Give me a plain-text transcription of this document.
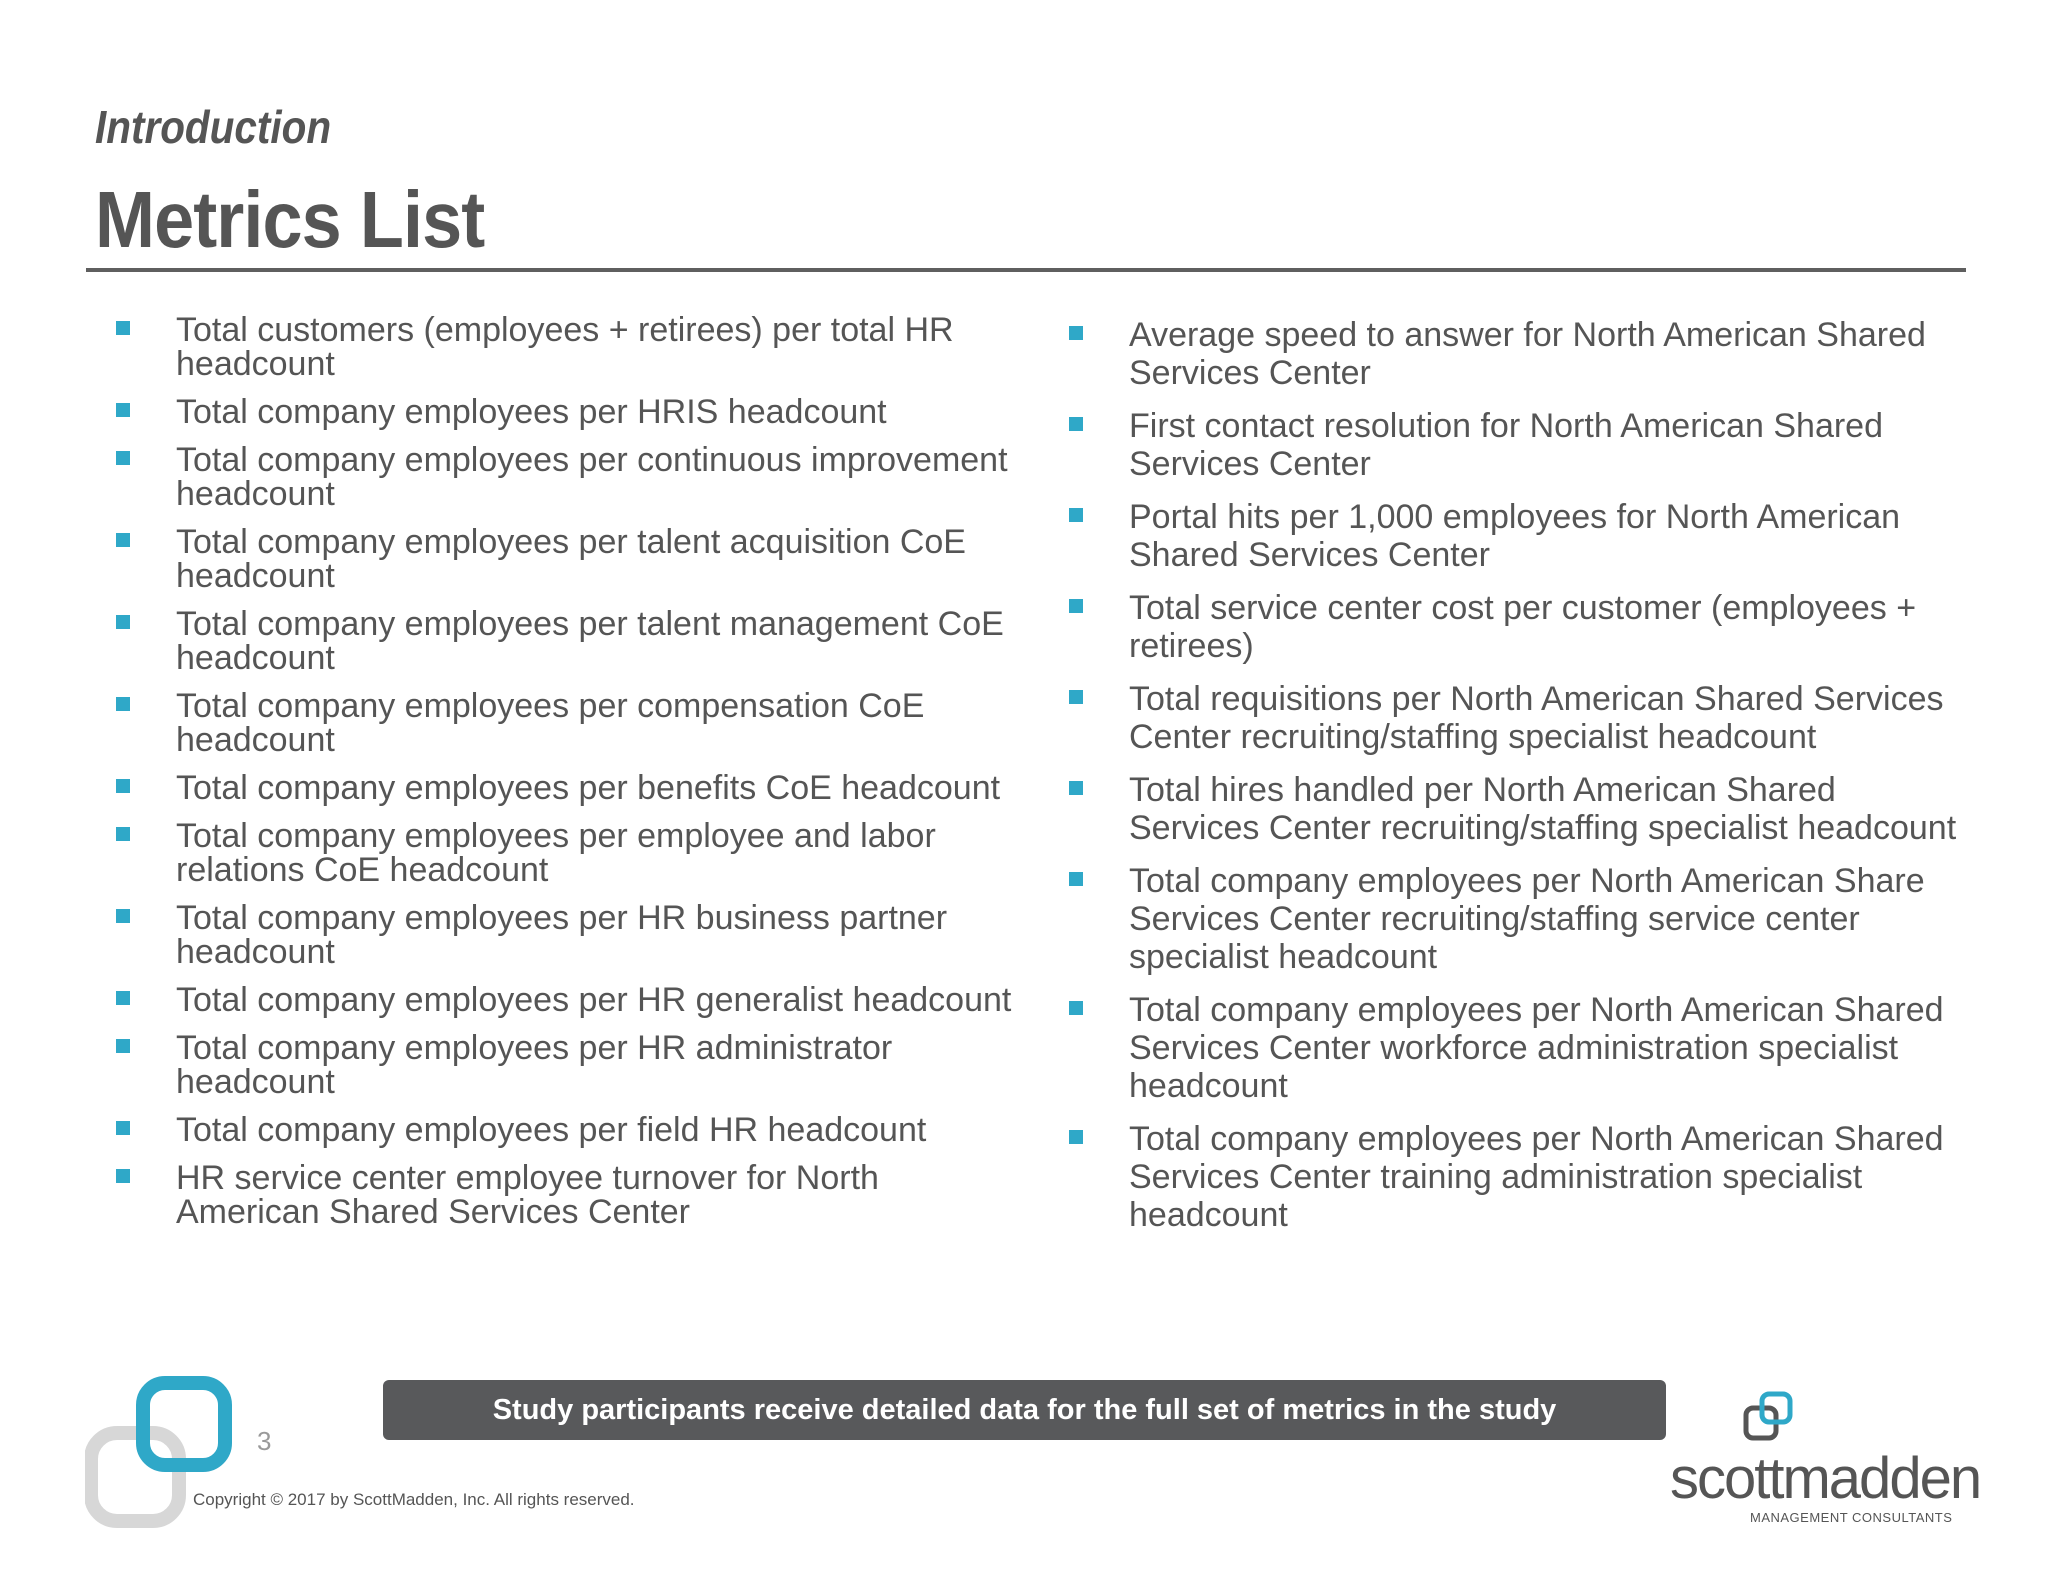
Introduction
Metrics List
Total customers (employees + retirees) per total HR headcount
Total company employees per HRIS headcount
Total company employees per continuous improvement headcount
Total company employees per talent acquisition CoE headcount
Total company employees per talent management CoE headcount
Total company employees per compensation CoE headcount
Total company employees per benefits CoE headcount
Total company employees per employee and labor relations CoE headcount
Total company employees per HR business partner headcount
Total company employees per HR generalist headcount
Total company employees per HR administrator headcount
Total company employees per field HR headcount
HR service center employee turnover for North American Shared Services Center
Average speed to answer for North American Shared Services Center
First contact resolution for North American Shared Services Center
Portal hits per 1,000 employees for North American Shared Services Center
Total service center cost per customer (employees + retirees)
Total requisitions per North American Shared Services Center recruiting/staffing specialist headcount
Total hires handled per North American Shared Services Center recruiting/staffing specialist headcount
Total company employees per North American Share Services Center recruiting/staffing service center specialist headcount
Total company employees per North American Shared Services Center workforce administration specialist headcount
Total company employees per North American Shared Services Center training administration specialist headcount
Study participants receive detailed data for the full set of metrics in the study
3
Copyright © 2017 by ScottMadden, Inc. All rights reserved.	scottmadden
MANAGEMENT CONSULTANTS
